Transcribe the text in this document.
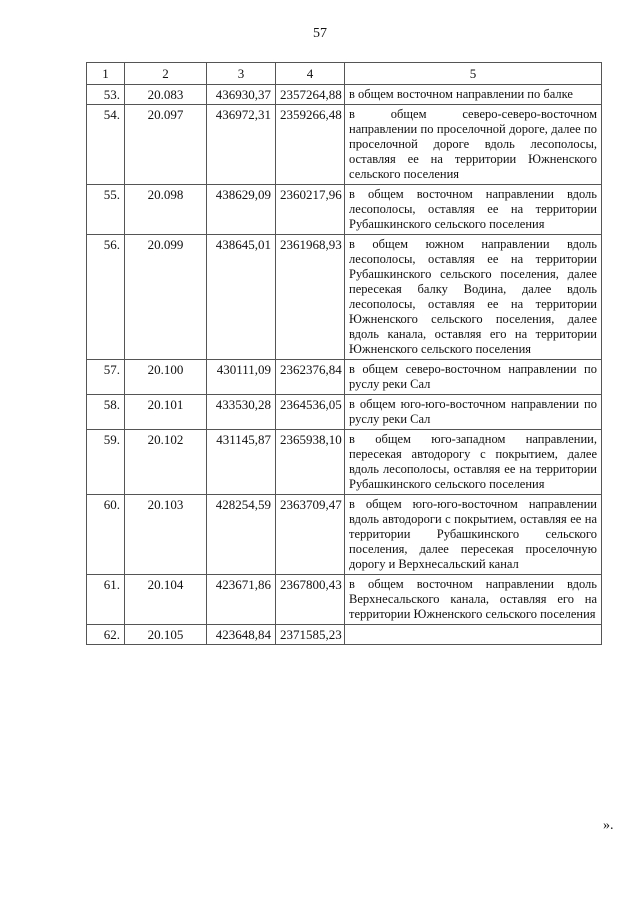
57
1	2	3	4	5
53.	20.083	436930,37	2357264,88	в общем восточном направлении по балке
54.	20.097	436972,31	2359266,48	в общем северо-северо-восточном направлении по проселочной дороге, далее по проселочной дороге вдоль лесополосы, оставляя ее на территории Южненского сельского поселения
55.	20.098	438629,09	2360217,96	в общем восточном направлении вдоль лесополосы, оставляя ее на территории Рубашкинского сельского поселения
56.	20.099	438645,01	2361968,93	в общем южном направлении вдоль лесополосы, оставляя ее на территории Рубашкинского сельского поселения, далее пересекая балку Водина, далее вдоль лесополосы, оставляя ее на территории Южненского сельского поселения, далее вдоль канала, оставляя его на территории Южненского сельского поселения
57.	20.100	430111,09	2362376,84	в общем северо-восточном направлении по руслу реки Сал
58.	20.101	433530,28	2364536,05	в общем юго-юго-восточном направлении по руслу реки Сал
59.	20.102	431145,87	2365938,10	в общем юго-западном направлении, пересекая автодорогу с покрытием, далее вдоль лесополосы, оставляя ее на территории Рубашкинского сельского поселения
60.	20.103	428254,59	2363709,47	в общем юго-юго-восточном направлении вдоль автодороги с покрытием, оставляя ее на территории Рубашкинского сельского поселения, далее пересекая проселочную дорогу и Верхнесальский канал
61.	20.104	423671,86	2367800,43	в общем восточном направлении вдоль Верхнесальского канала, оставляя его на территории Южненского сельского поселения
62.	20.105	423648,84	2371585,23	
».
